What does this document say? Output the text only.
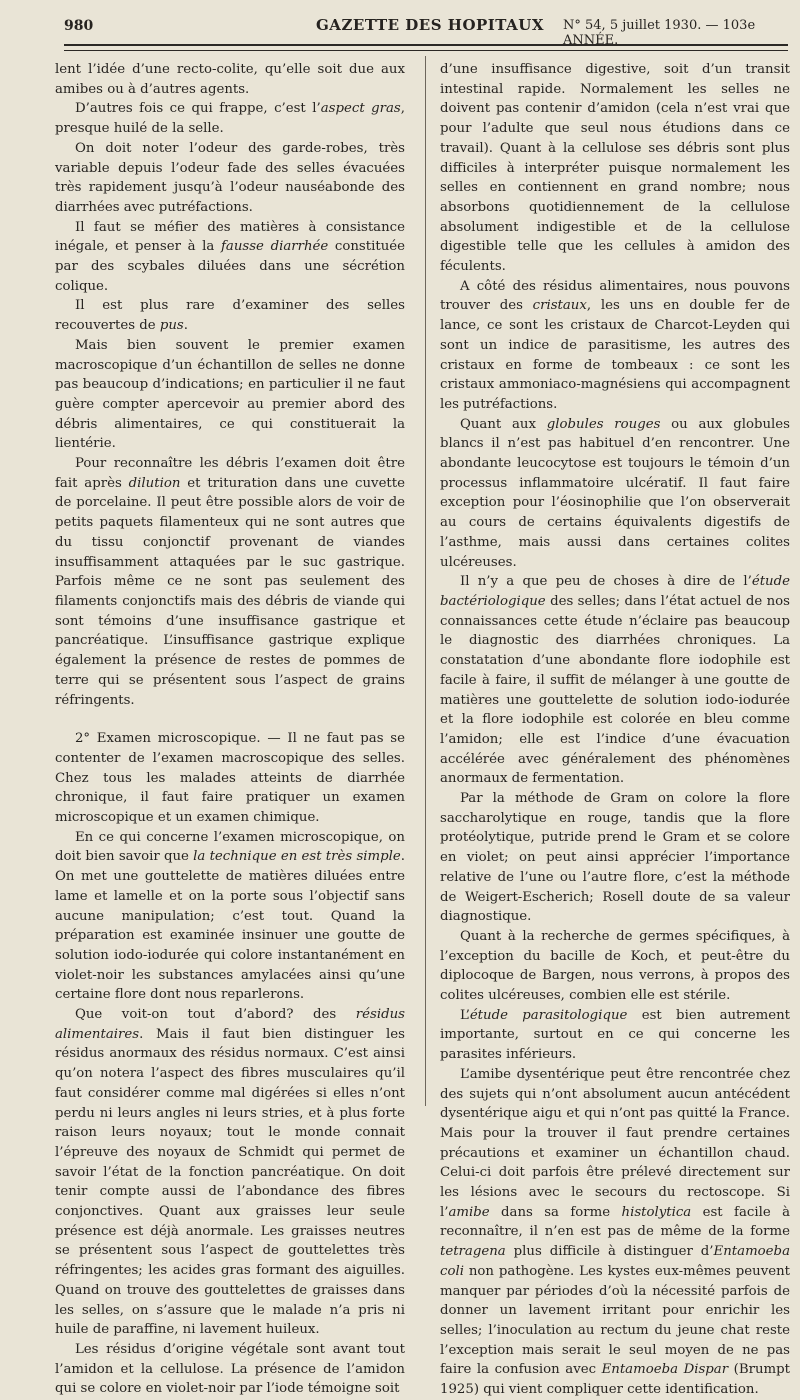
980	GAZETTE DES HOPITAUX N° 54, 5 juillet 1930. — 103e ANNÉE.

lent l’idée d’une recto-colite, qu’elle soit due aux amibes ou à d’autres agents.

D’autres fois ce qui frappe, c’est l’aspect gras, presque huilé de la selle.

On doit noter l’odeur des garde-robes, très variable depuis l’odeur fade des selles évacuées très rapidement jusqu’à l’odeur nauséabonde des diarrhées avec putréfactions.

Il faut se méfier des matières à consistance inégale, et penser à la fausse diarrhée constituée par des scybales diluées dans une sécrétion colique.

Il est plus rare d’examiner des selles recouvertes de pus.

Mais bien souvent le premier examen macroscopique d’un échantillon de selles ne donne pas beaucoup d’indications; en particulier il ne faut guère compter apercevoir au premier abord des débris alimentaires, ce qui constituerait la lientérie.

Pour reconnaître les débris l’examen doit être fait après dilution et trituration dans une cuvette de porcelaine. Il peut être possible alors de voir de petits paquets filamenteux qui ne sont autres que du tissu conjonctif provenant de viandes insuffisamment attaquées par le suc gastrique. Parfois même ce ne sont pas seulement des filaments conjonctifs mais des débris de viande qui sont témoins d’une insuffisance gastrique et pancréatique. L’insuffisance gastrique explique également la présence de restes de pommes de terre qui se présentent sous l’aspect de grains réfringents.

2° Examen microscopique. — Il ne faut pas se contenter de l’examen macroscopique des selles. Chez tous les malades atteints de diarrhée chronique, il faut faire pratiquer un examen microscopique et un examen chimique.

En ce qui concerne l’examen microscopique, on doit bien savoir que la technique en est très simple. On met une gouttelette de matières diluées entre lame et lamelle et on la porte sous l’objectif sans aucune manipulation; c’est tout. Quand la préparation est examinée insinuer une goutte de solution iodo-iodurée qui colore instantanément en violet-noir les substances amylacées ainsi qu’une certaine flore dont nous reparlerons.

Que voit-on tout d’abord? des résidus alimentaires. Mais il faut bien distinguer les résidus anormaux des résidus normaux. C’est ainsi qu’on notera l’aspect des fibres musculaires qu’il faut considérer comme mal digérées si elles n’ont perdu ni leurs angles ni leurs stries, et à plus forte raison leurs noyaux; tout le monde connait l’épreuve des noyaux de Schmidt qui permet de savoir l’état de la fonction pancréatique. On doit tenir compte aussi de l’abondance des fibres conjonctives. Quant aux graisses leur seule présence est déjà anormale. Les graisses neutres se présentent sous l’aspect de gouttelettes très réfringentes; les acides gras formant des aiguilles. Quand on trouve des gouttelettes de graisses dans les selles, on s’assure que le malade n’a pris ni huile de paraffine, ni lavement huileux.

Les résidus d’origine végétale sont avant tout l’amidon et la cellulose. La présence de l’amidon qui se colore en violet-noir par l’iode témoigne soit

d’une insuffisance digestive, soit d’un transit intestinal rapide. Normalement les selles ne doivent pas contenir d’amidon (cela n’est vrai que pour l’adulte que seul nous étudions dans ce travail). Quant à la cellulose ses débris sont plus difficiles à interpréter puisque normalement les selles en contiennent en grand nombre; nous absorbons quotidiennement de la cellulose absolument indigestible et de la cellulose digestible telle que les cellules à amidon des féculents.

A côté des résidus alimentaires, nous pouvons trouver des cristaux, les uns en double fer de lance, ce sont les cristaux de Charcot-Leyden qui sont un indice de parasitisme, les autres des cristaux en forme de tombeaux : ce sont les cristaux ammoniaco-magnésiens qui accompagnent les putréfactions.

Quant aux globules rouges ou aux globules blancs il n’est pas habituel d’en rencontrer. Une abondante leucocytose est toujours le témoin d’un processus inflammatoire ulcératif. Il faut faire exception pour l’éosinophilie que l’on observerait au cours de certains équivalents digestifs de l’asthme, mais aussi dans certaines colites ulcéreuses.

Il n’y a que peu de choses à dire de l’étude bactériologique des selles; dans l’état actuel de nos connaissances cette étude n’éclaire pas beaucoup le diagnostic des diarrhées chroniques. La constatation d’une abondante flore iodophile est facile à faire, il suffit de mélanger à une goutte de matières une gouttelette de solution iodo-iodurée et la flore iodophile est colorée en bleu comme l’amidon; elle est l’indice d’une évacuation accélérée avec généralement des phénomènes anormaux de fermentation.

Par la méthode de Gram on colore la flore saccharolytique en rouge, tandis que la flore protéolytique, putride prend le Gram et se colore en violet; on peut ainsi apprécier l’importance relative de l’une ou l’autre flore, c’est la méthode de Weigert-Escherich; Rosell doute de sa valeur diagnostique.

Quant à la recherche de germes spécifiques, à l’exception du bacille de Koch, et peut-être du diplocoque de Bargen, nous verrons, à propos des colites ulcéreuses, combien elle est stérile.

L’étude parasitologique est bien autrement importante, surtout en ce qui concerne les parasites inférieurs.

L’amibe dysentérique peut être rencontrée chez des sujets qui n’ont absolument aucun antécédent dysentérique aigu et qui n’ont pas quitté la France. Mais pour la trouver il faut prendre certaines précautions et examiner un échantillon chaud. Celui-ci doit parfois être prélevé directement sur les lésions avec le secours du rectoscope. Si l’amibe dans sa forme histolytica est facile à reconnaître, il n’en est pas de même de la forme tetragena plus difficile à distinguer d’Entamoeba coli non pathogène. Les kystes eux-mêmes peuvent manquer par périodes d’où la nécessité parfois de donner un lavement irritant pour enrichir les selles; l’inoculation au rectum du jeune chat reste l’exception mais serait le seul moyen de ne pas faire la confusion avec Entamoeba Dispar (Brumpt 1925) qui vient compliquer cette identification.
